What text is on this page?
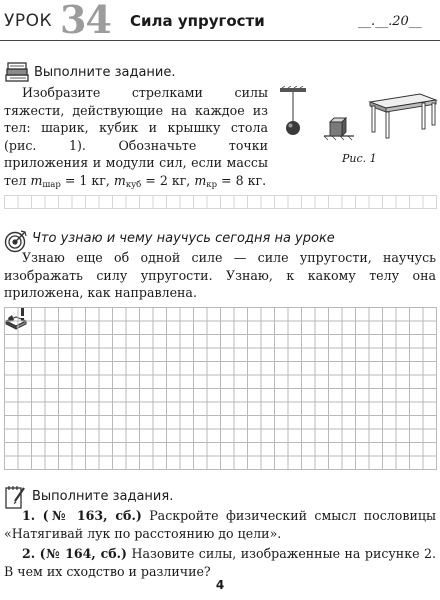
УРОК 34 Сила упругости	__.__.20__
Выполните задание.

Изобразите стрелками силы тяжести, действующие на каждое из тел: шарик, кубик и крышку стола (рис. 1). Обозначьте точки приложения и модули сил, если массы тел $m_{шар} = 1$ кг, $m_{куб} = 2$ кг, $m_{кр} = 8$ кг.

Рис. 1
Что узнаю и чему научусь сегодня на уроке

Узнаю еще об одной силе — силе упругости, научусь изображать силу упругости. Узнаю, к какому телу она приложена, как направлена.

Выполните задания.
1. (№ 163, сб.) Раскройте физический смысл пословицы «Натягивай лук по расстоянию до цели».
2. (№ 164, сб.) Назовите силы, изображенные на рисунке 2. В чем их сходство и различие?
4
